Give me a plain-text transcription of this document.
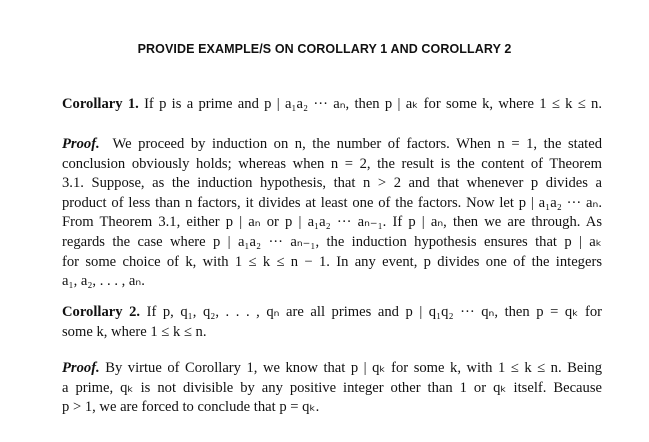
PROVIDE EXAMPLE/S ON COROLLARY 1 AND COROLLARY 2
Corollary 1. If p is a prime and p | a₁a₂ ··· aₙ, then p | aₖ for some k, where 1 ≤ k ≤ n.
Proof. We proceed by induction on n, the number of factors. When n = 1, the stated
conclusion obviously holds; whereas when n = 2, the result is the content of Theorem
3.1. Suppose, as the induction hypothesis, that n > 2 and that whenever p divides a
product of less than n factors, it divides at least one of the factors. Now let p | a₁a₂ ··· aₙ.
From Theorem 3.1, either p | aₙ or p | a₁a₂ ··· aₙ₋₁. If p | aₙ, then we are through. As
regards the case where p | a₁a₂ ··· aₙ₋₁, the induction hypothesis ensures that p | aₖ
for some choice of k, with 1 ≤ k ≤ n − 1. In any event, p divides one of the integers
a₁, a₂, . . . , aₙ.
Corollary 2. If p, q₁, q₂, . . . , qₙ are all primes and p | q₁q₂ ··· qₙ, then p = qₖ for
some k, where 1 ≤ k ≤ n.
Proof. By virtue of Corollary 1, we know that p | qₖ for some k, with 1 ≤ k ≤ n. Being
a prime, qₖ is not divisible by any positive integer other than 1 or qₖ itself. Because
p > 1, we are forced to conclude that p = qₖ.
